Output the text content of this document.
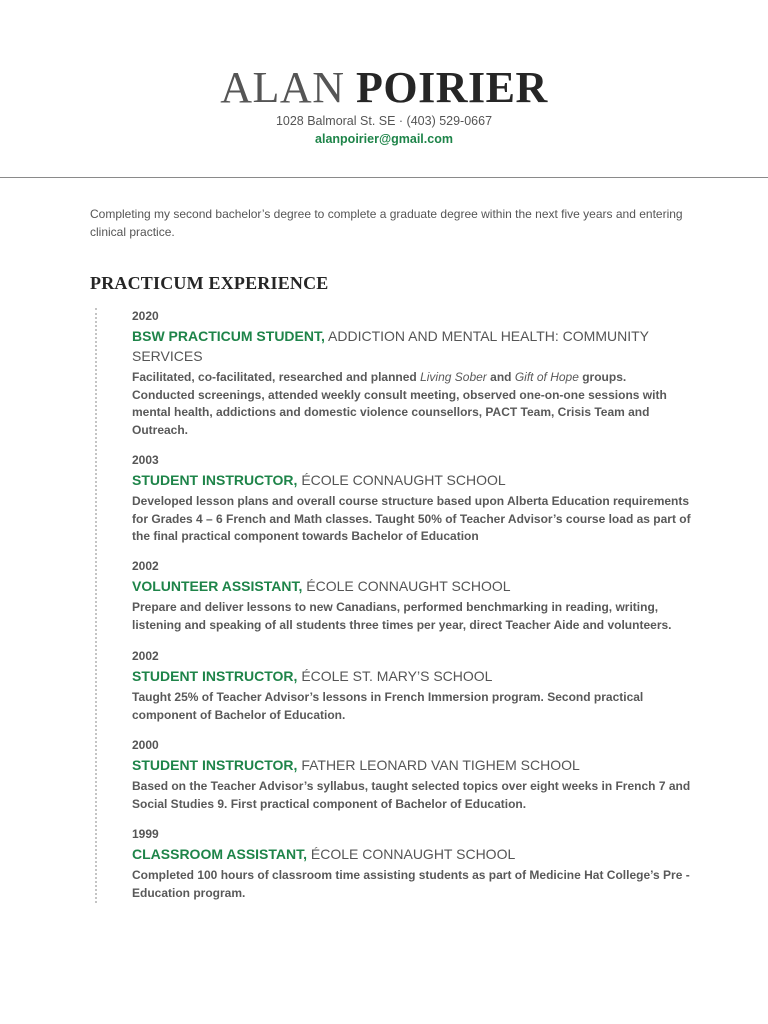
ALAN POIRIER
1028 Balmoral St. SE · (403) 529-0667
alanpoirier@gmail.com
Completing my second bachelor’s degree to complete a graduate degree within the next five years and entering clinical practice.
PRACTICUM EXPERIENCE
2020
BSW PRACTICUM STUDENT, ADDICTION AND MENTAL HEALTH: COMMUNITY SERVICES
Facilitated, co-facilitated, researched and planned Living Sober and Gift of Hope groups. Conducted screenings, attended weekly consult meeting, observed one-on-one sessions with mental health, addictions and domestic violence counsellors, PACT Team, Crisis Team and Outreach.
2003
STUDENT INSTRUCTOR, ÉCOLE CONNAUGHT SCHOOL
Developed lesson plans and overall course structure based upon Alberta Education requirements for Grades 4 – 6 French and Math classes. Taught 50% of Teacher Advisor’s course load as part of the final practical component towards Bachelor of Education
2002
VOLUNTEER ASSISTANT, ÉCOLE CONNAUGHT SCHOOL
Prepare and deliver lessons to new Canadians, performed benchmarking in reading, writing, listening and speaking of all students three times per year, direct Teacher Aide and volunteers.
2002
STUDENT INSTRUCTOR, ÉCOLE ST. MARY’S SCHOOL
Taught 25% of Teacher Advisor’s lessons in French Immersion program. Second practical component of Bachelor of Education.
2000
STUDENT INSTRUCTOR, FATHER LEONARD VAN TIGHEM SCHOOL
Based on the Teacher Advisor’s syllabus, taught selected topics over eight weeks in French 7 and Social Studies 9. First practical component of Bachelor of Education.
1999
CLASSROOM ASSISTANT, ÉCOLE CONNAUGHT SCHOOL
Completed 100 hours of classroom time assisting students as part of Medicine Hat College’s Pre -Education program.
